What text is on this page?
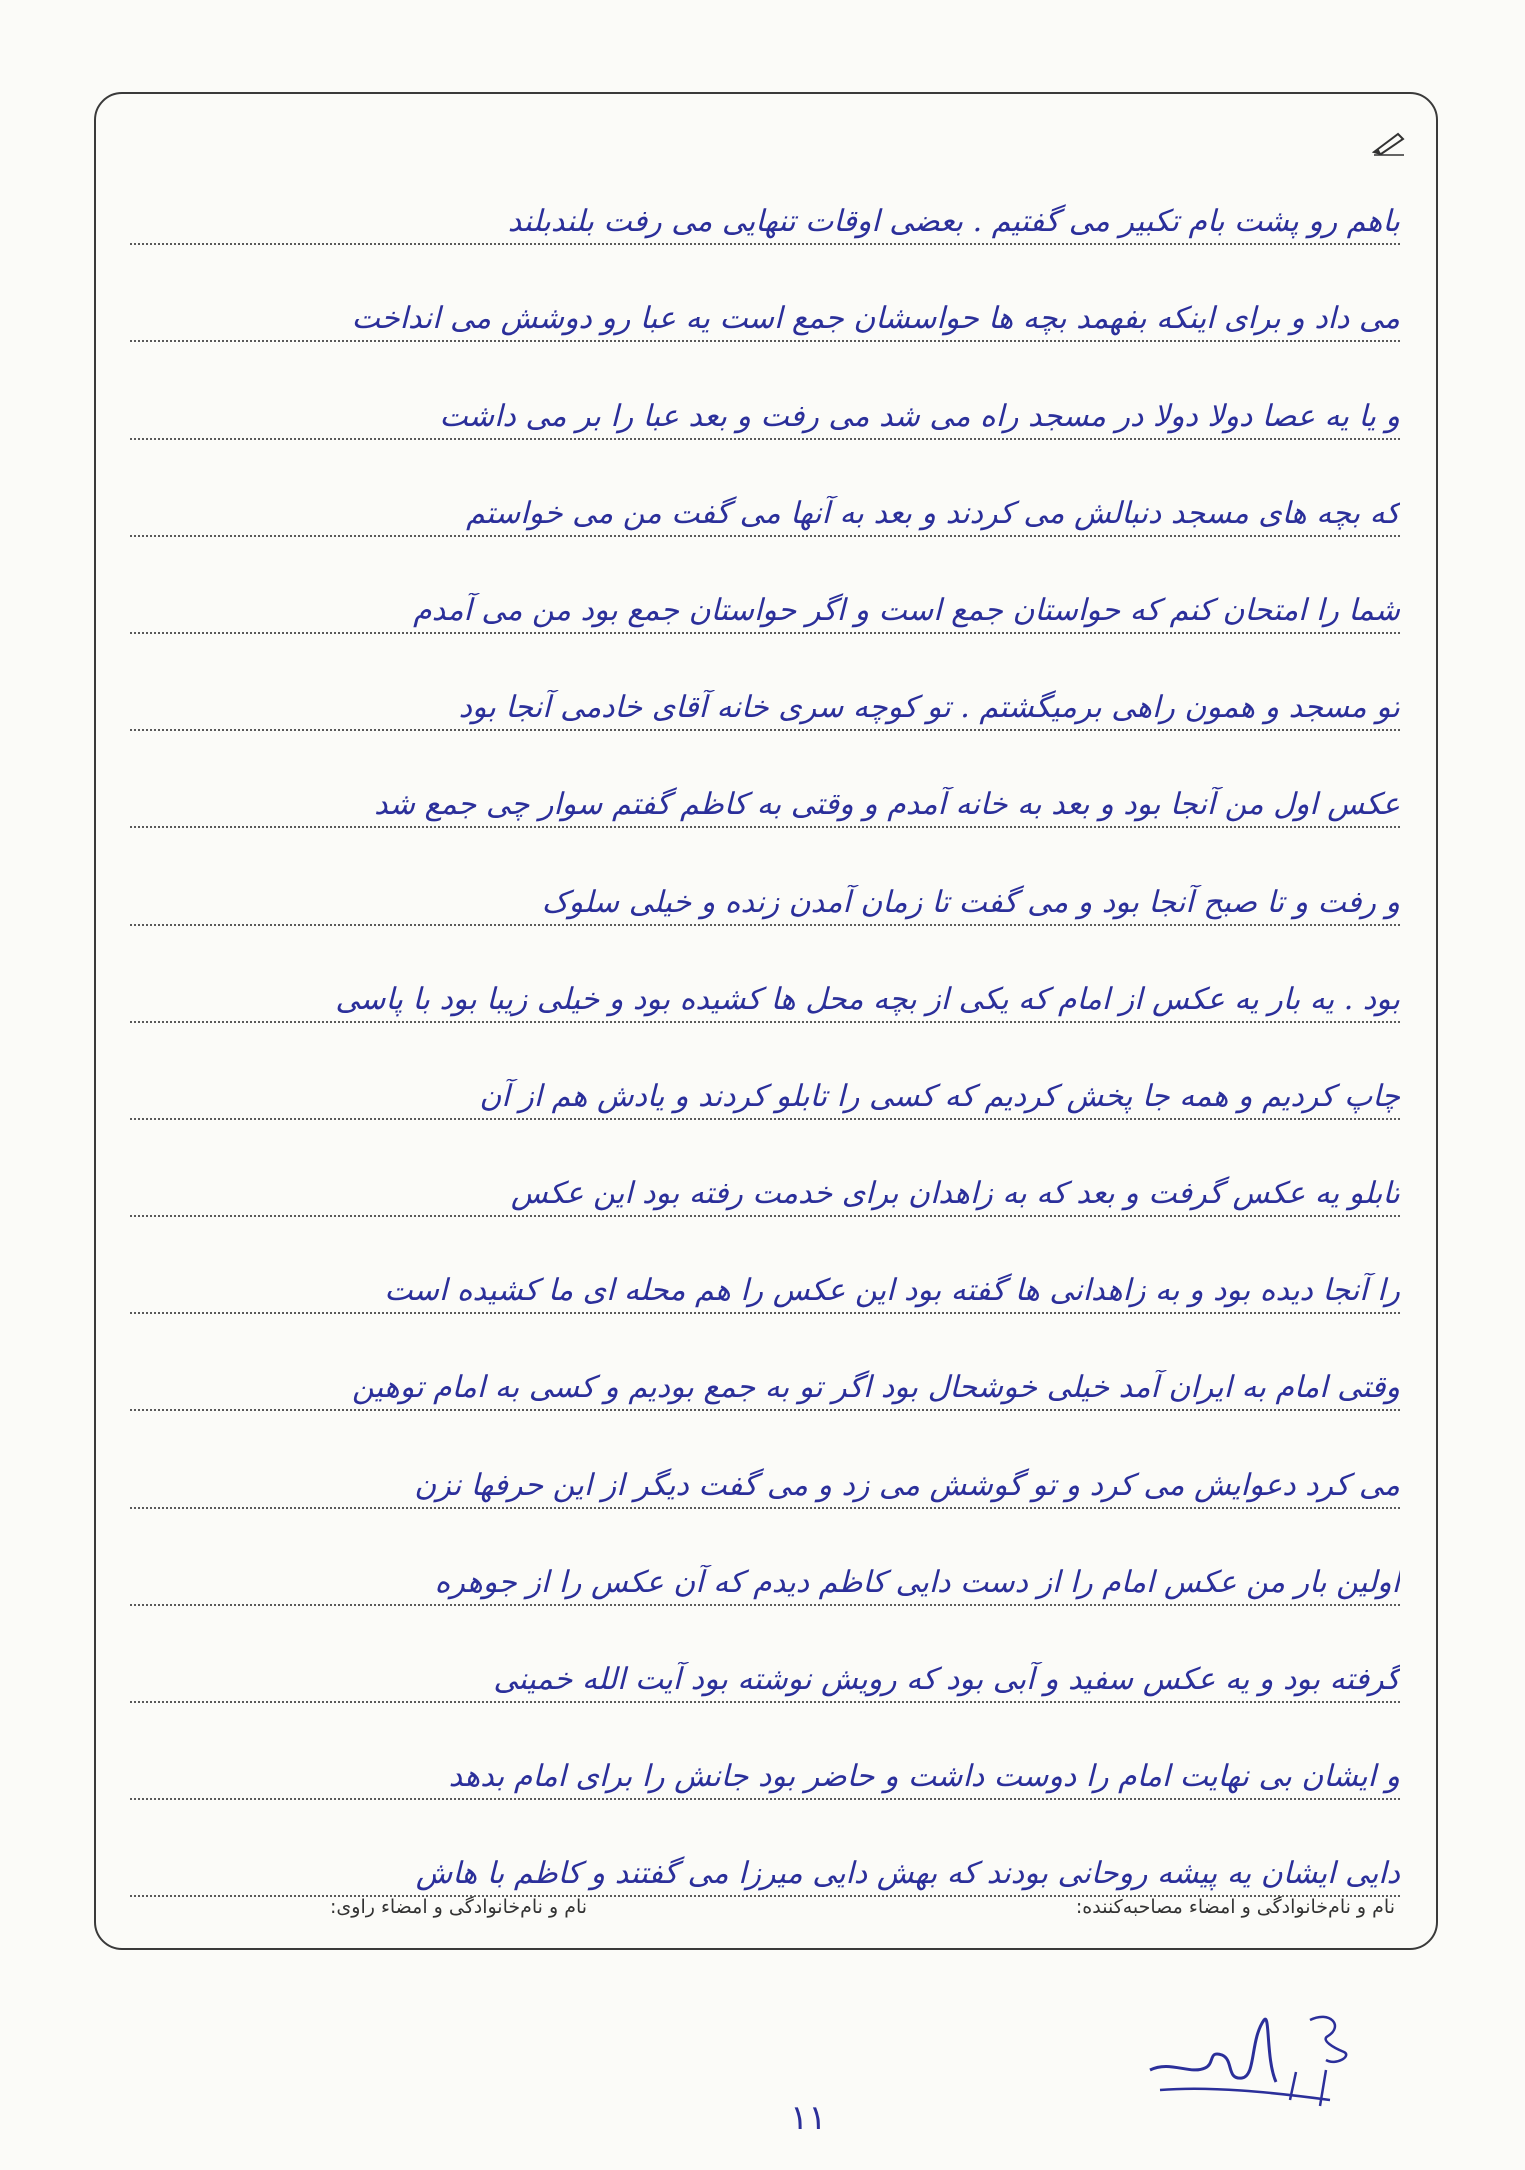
باهم رو پشت بام تکبیر می گفتیم . بعضی اوقات تنهایی می رفت بلندبلند
می داد و برای اینکه بفهمد بچه ها حواسشان جمع است یه عبا رو دوشش می انداخت
و یا یه عصا دولا دولا در مسجد راه می شد می رفت و بعد عبا را بر می داشت
که بچه های مسجد دنبالش می کردند و بعد به آنها می گفت من می خواستم
شما را امتحان کنم که حواستان جمع است و اگر حواستان جمع بود من می آمدم
تو مسجد و همون راهی برمیگشتم . تو کوچه سری خانه آقای خادمی آنجا بود
عکس اول من آنجا بود و بعد به خانه آمدم و وقتی به کاظم گفتم سوار چی جمع شد
و رفت و تا صبح آنجا بود و می گفت تا زمان آمدن زنده و خیلی سلوک
بود . یه بار یه عکس از امام که یکی از بچه محل ها کشیده بود و خیلی زیبا بود با پاسی
چاپ کردیم و همه جا پخش کردیم که کسی را تابلو کردند و یادش هم از آن
تابلو یه عکس گرفت و بعد که به زاهدان برای خدمت رفته بود این عکس
را آنجا دیده بود و به زاهدانی ها گفته بود این عکس را هم محله ای ما کشیده است
وقتی امام به ایران آمد خیلی خوشحال بود اگر تو به جمع بودیم و کسی به امام توهین
می کرد دعوایش می کرد و تو گوشش می زد و می گفت دیگر از این حرفها نزن
اولین بار من عکس امام را از دست دایی کاظم دیدم که آن عکس را از جوهره
گرفته بود و یه عکس سفید و آبی بود که رویش نوشته بود آیت الله خمینی
و ایشان بی نهایت امام را دوست داشت و حاضر بود جانش را برای امام بدهد
دایی ایشان یه پیشه روحانی بودند که بهش دایی میرزا می گفتند و کاظم با هاش
نام و نام‌خانوادگی و امضاء مصاحبه‌کننده:
نام و نام‌خانوادگی و امضاء راوی:
۱۱
